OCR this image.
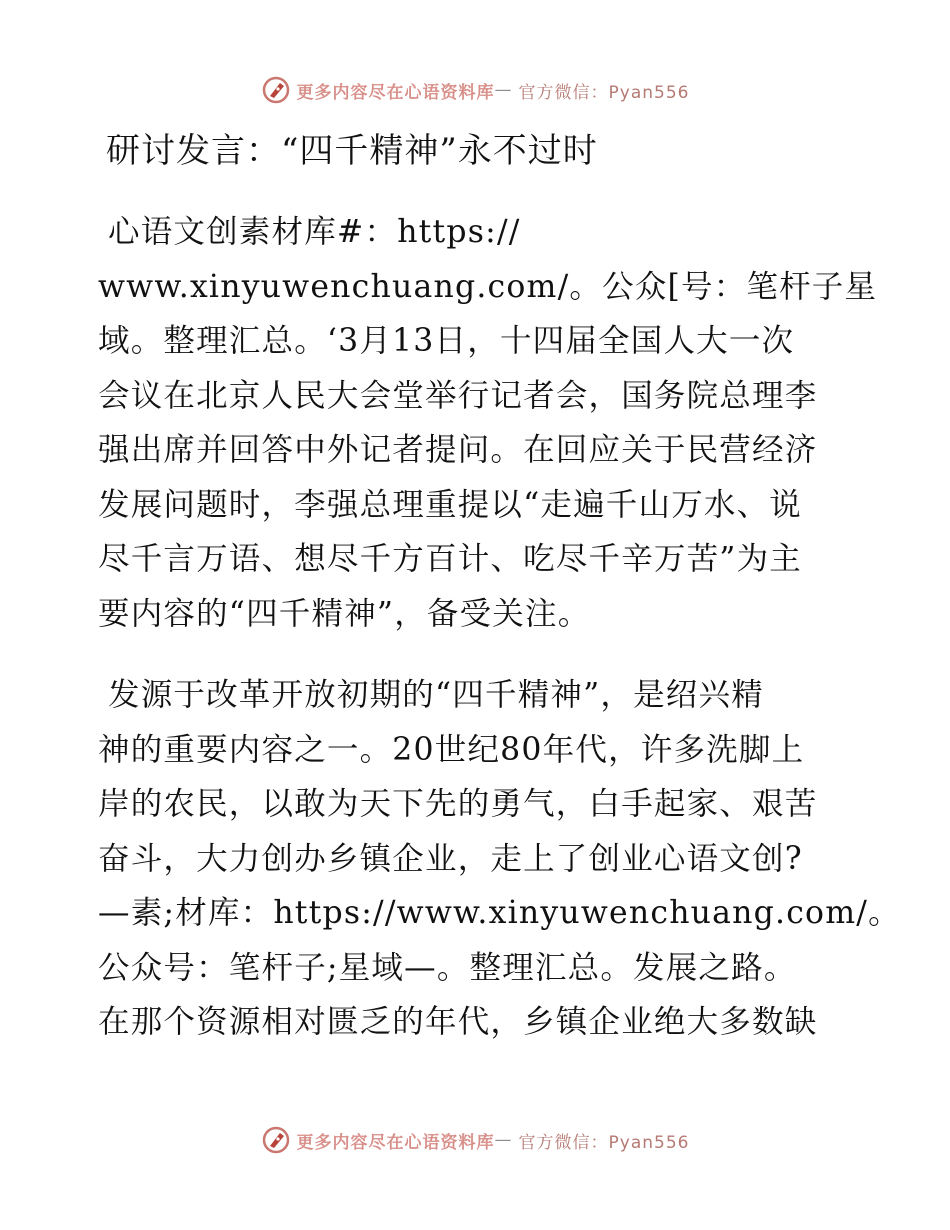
更多内容尽在心语资料库 — 官方微信：Pyan556
研讨发言：“四千精神”永不过时

心语文创素材库#：https://
www.xinyuwenchuang.com/。公众[号：笔杆子星
域。整理汇总。‘3月13日，十四届全国人大一次
会议在北京人民大会堂举行记者会，国务院总理李
强出席并回答中外记者提问。在回应关于民营经济
发展问题时，李强总理重提以“走遍千山万水、说
尽千言万语、想尽千方百计、吃尽千辛万苦”为主
要内容的“四千精神”，备受关注。

发源于改革开放初期的“四千精神”，是绍兴精
神的重要内容之一。20世纪80年代，许多洗脚上
岸的农民，以敢为天下先的勇气，白手起家、艰苦
奋斗，大力创办乡镇企业，走上了创业心语文创?
—素;材库：https://www.xinyuwenchuang.com/。
公众号：笔杆子;星域—。整理汇总。发展之路。
在那个资源相对匮乏的年代，乡镇企业绝大多数缺

更多内容尽在心语资料库 — 官方微信：Pyan556
